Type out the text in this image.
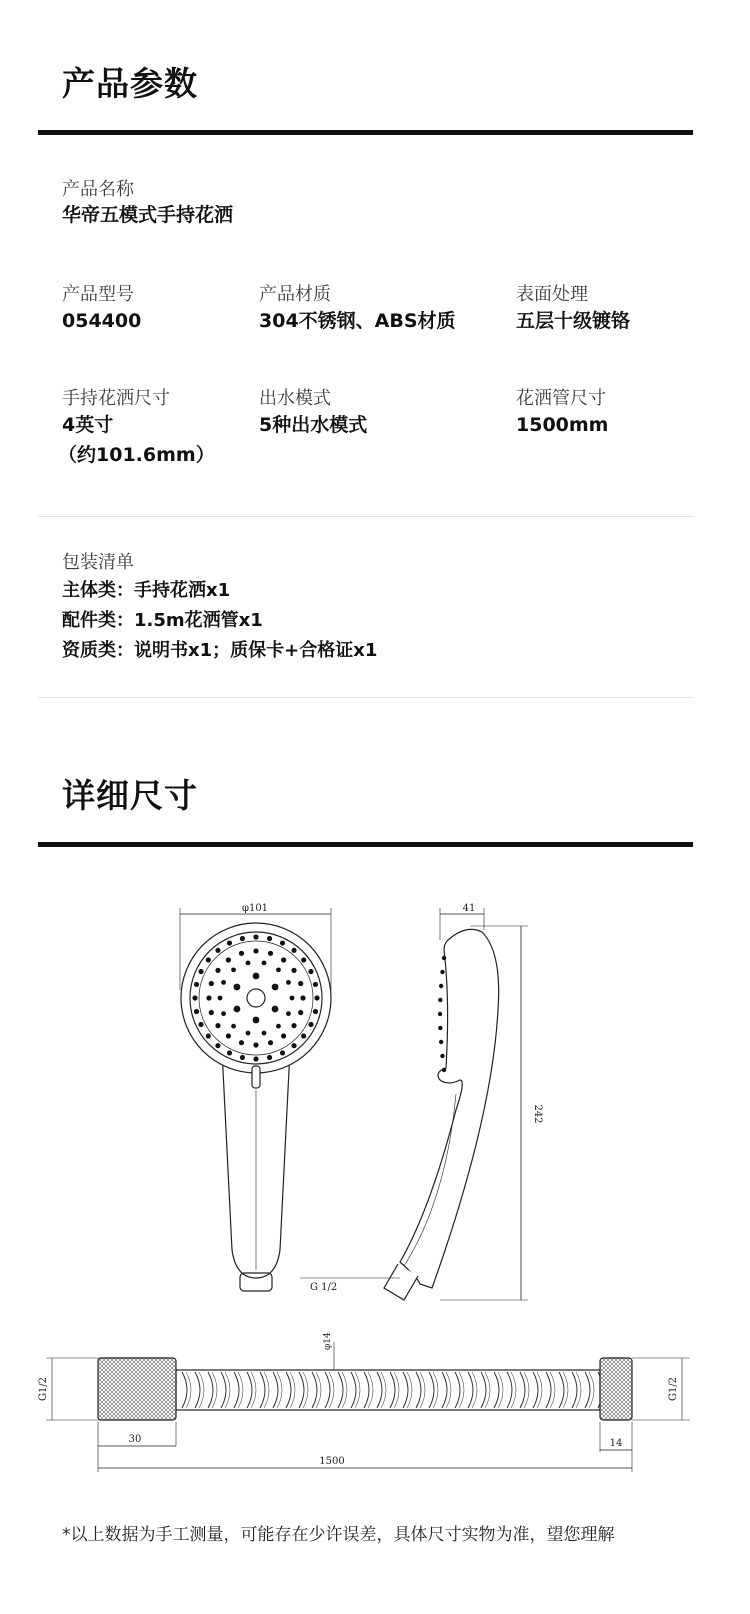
产品参数
产品名称
华帝五模式手持花洒
产品型号
054400
产品材质
304不锈钢、ABS材质
表面处理
五层十级镀铬
手持花洒尺寸
4英寸
（约101.6mm）
出水模式
5种出水模式
花洒管尺寸
1500mm
包装清单
主体类：手持花洒x1
配件类：1.5m花洒管x1
资质类：说明书x1；质保卡+合格证x1
详细尺寸
φ101	41
242
G 1/2
φ14
G1/2	G1/2
30	14
1500
*以上数据为手工测量，可能存在少许误差，具体尺寸实物为准，望您理解
